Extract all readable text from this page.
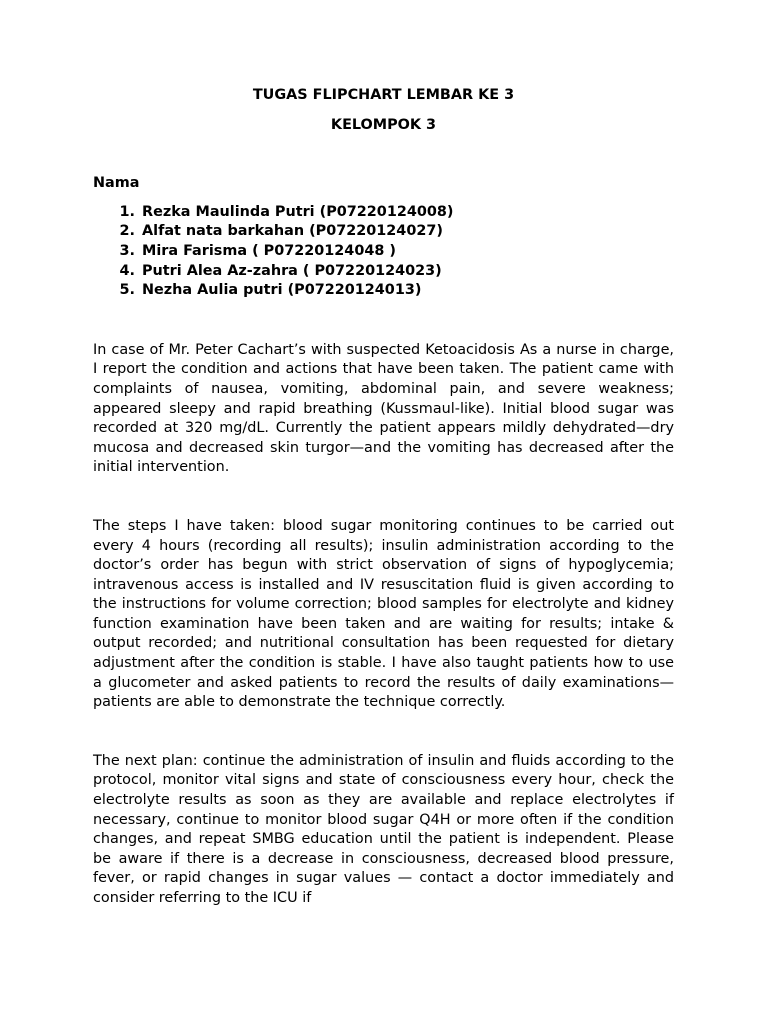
TUGAS FLIPCHART LEMBAR KE 3

KELOMPOK 3

Nama

1. Rezka Maulinda Putri (P07220124008)
2. Alfat nata barkahan (P07220124027)
3. Mira Farisma ( P07220124048 )
4. Putri Alea Az-zahra ( P07220124023)
5. Nezha Aulia putri (P07220124013)

In case of Mr. Peter Cachart’s with suspected Ketoacidosis As a nurse in charge, I report the condition and actions that have been taken. The patient came with complaints of nausea, vomiting, abdominal pain, and severe weakness; appeared sleepy and rapid breathing (Kussmaul-like). Initial blood sugar was recorded at 320 mg/dL. Currently the patient appears mildly dehydrated—dry mucosa and decreased skin turgor—and the vomiting has decreased after the initial intervention.

The steps I have taken: blood sugar monitoring continues to be carried out every 4 hours (recording all results); insulin administration according to the doctor’s order has begun with strict observation of signs of hypoglycemia; intravenous access is installed and IV resuscitation fluid is given according to the instructions for volume correction; blood samples for electrolyte and kidney function examination have been taken and are waiting for results; intake & output recorded; and nutritional consultation has been requested for dietary adjustment after the condition is stable. I have also taught patients how to use a glucometer and asked patients to record the results of daily examinations—patients are able to demonstrate the technique correctly.

The next plan: continue the administration of insulin and fluids according to the protocol, monitor vital signs and state of consciousness every hour, check the electrolyte results as soon as they are available and replace electrolytes if necessary, continue to monitor blood sugar Q4H or more often if the condition changes, and repeat SMBG education until the patient is independent. Please be aware if there is a decrease in consciousness, decreased blood pressure, fever, or rapid changes in sugar values — contact a doctor immediately and consider referring to the ICU if
